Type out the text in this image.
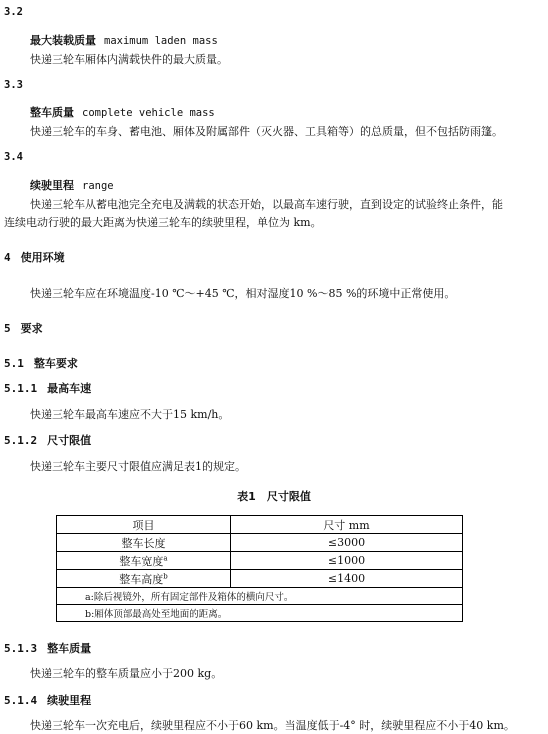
3.2
最大装载质量 maximum laden mass
快递三轮车厢体内满载快件的最大质量。
3.3
整车质量 complete vehicle mass
快递三轮车的车身、蓄电池、厢体及附属部件（灭火器、工具箱等）的总质量，但不包括防雨篷。
3.4
续驶里程 range
快递三轮车从蓄电池完全充电及满载的状态开始，以最高车速行驶，直到设定的试验终止条件，能
连续电动行驶的最大距离为快递三轮车的续驶里程，单位为 km。
4 使用环境
快递三轮车应在环境温度-10 ℃～+45 ℃，相对湿度10 %～85 %的环境中正常使用。
5 要求
5.1 整车要求
5.1.1 最高车速
快递三轮车最高车速应不大于15 km/h。
5.1.2 尺寸限值
快递三轮车主要尺寸限值应满足表1的规定。
表1　尺寸限值
项目	尺寸 mm
整车长度	≤3000
整车宽度$^a$	≤1000
整车高度$^b$	≤1400
a:除后视镜外，所有固定部件及箱体的横向尺寸。	
b:厢体顶部最高处至地面的距离。	
5.1.3 整车质量
快递三轮车的整车质量应小于200 kg。
5.1.4 续驶里程
快递三轮车一次充电后，续驶里程应不小于60 km。当温度低于-4° 时，续驶里程应不小于40 km。
